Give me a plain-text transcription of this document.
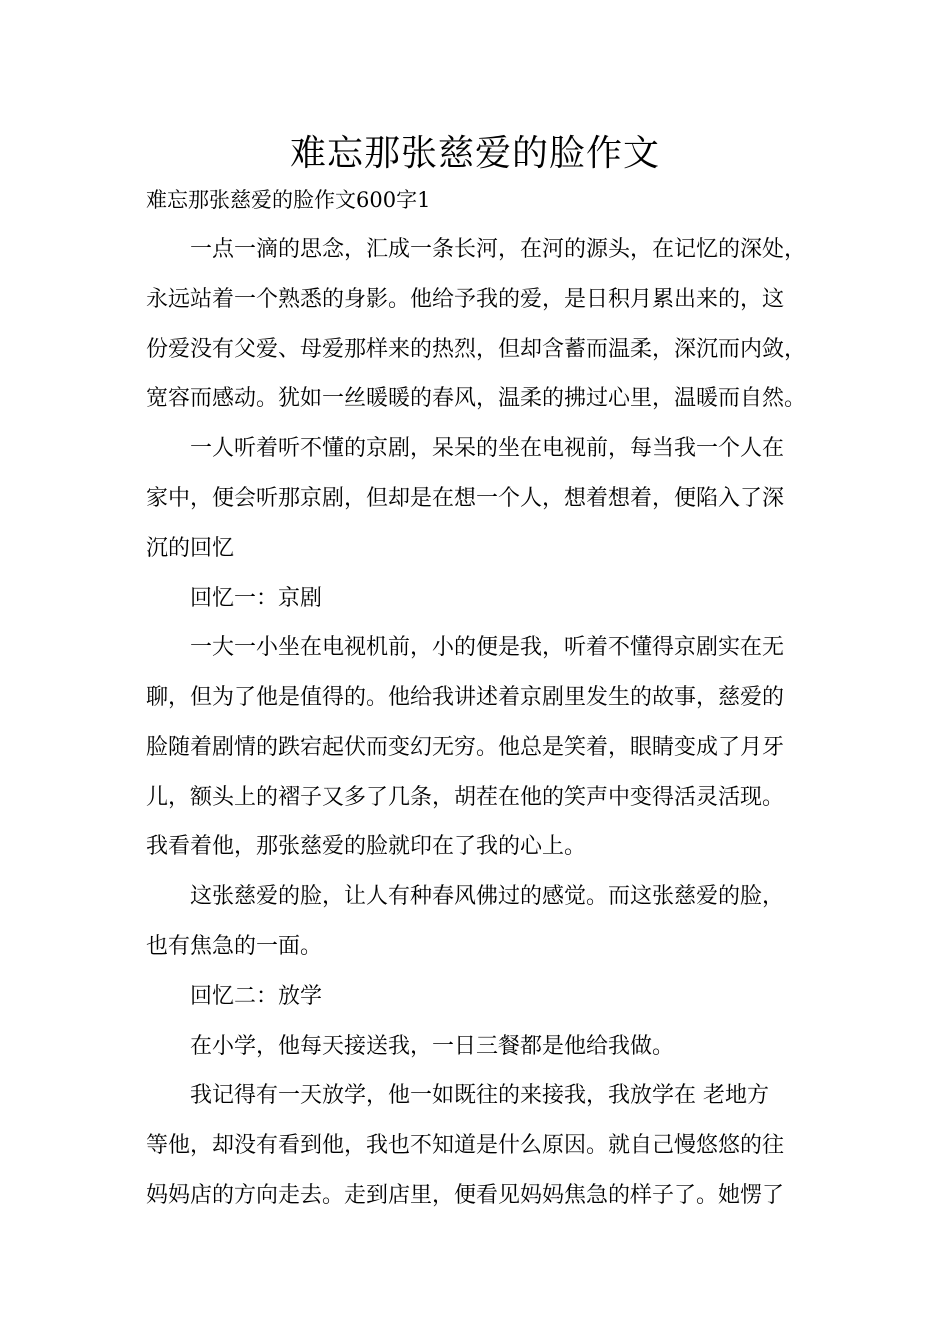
难忘那张慈爱的脸作文

难忘那张慈爱的脸作文600字1

一点一滴的思念，汇成一条长河，在河的源头，在记忆的深处，

永远站着一个熟悉的身影。他给予我的爱，是日积月累出来的，这

份爱没有父爱、母爱那样来的热烈，但却含蓄而温柔，深沉而内敛，

宽容而感动。犹如一丝暖暖的春风，温柔的拂过心里，温暖而自然。

一人听着听不懂的京剧，呆呆的坐在电视前，每当我一个人在

家中，便会听那京剧，但却是在想一个人，想着想着，便陷入了深

沉的回忆

回忆一：京剧

一大一小坐在电视机前，小的便是我，听着不懂得京剧实在无

聊，但为了他是值得的。他给我讲述着京剧里发生的故事，慈爱的

脸随着剧情的跌宕起伏而变幻无穷。他总是笑着，眼睛变成了月牙

儿，额头上的褶子又多了几条，胡茬在他的笑声中变得活灵活现。

我看着他，那张慈爱的脸就印在了我的心上。

这张慈爱的脸，让人有种春风佛过的感觉。而这张慈爱的脸，

也有焦急的一面。

回忆二：放学

在小学，他每天接送我，一日三餐都是他给我做。

我记得有一天放学，他一如既往的来接我，我放学在 老地方

等他，却没有看到他，我也不知道是什么原因。就自己慢悠悠的往

妈妈店的方向走去。走到店里，便看见妈妈焦急的样子了。她愣了
